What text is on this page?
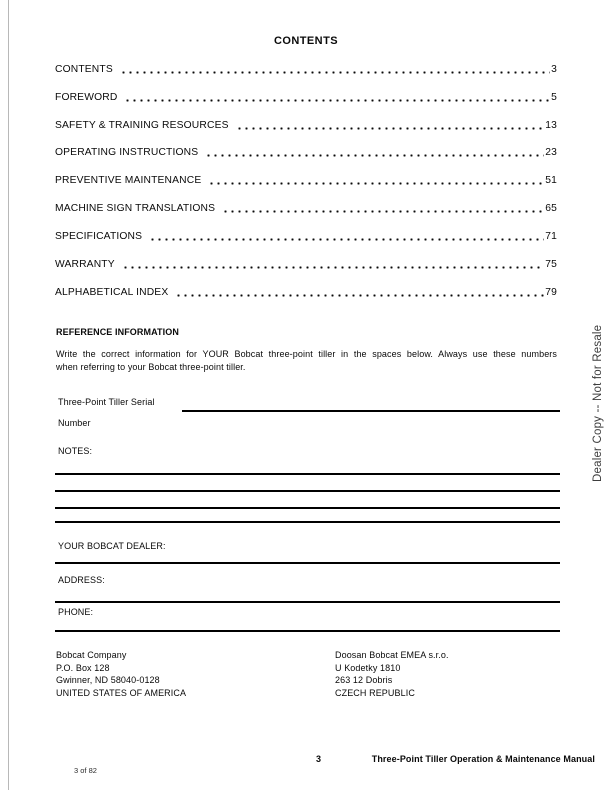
CONTENTS
CONTENTS	3
FOREWORD	5
SAFETY & TRAINING RESOURCES	13
OPERATING INSTRUCTIONS	23
PREVENTIVE MAINTENANCE	51
MACHINE SIGN TRANSLATIONS	65
SPECIFICATIONS	71
WARRANTY	75
ALPHABETICAL INDEX	79
REFERENCE INFORMATION
Write the correct information for YOUR Bobcat three-point tiller in the spaces below. Always use these numbers
when referring to your Bobcat three-point tiller.

Three-Point Tiller Serial

Number

NOTES:
YOUR BOBCAT DEALER:
ADDRESS:
PHONE:
Bobcat Company
P.O. Box 128
Gwinner, ND 58040-0128
UNITED STATES OF AMERICA
Doosan Bobcat EMEA s.r.o.
U Kodetky 1810
263 12 Dobris
CZECH REPUBLIC
Dealer Copy -- Not for Resale
3	Three-Point Tiller Operation & Maintenance Manual
3 of 82
